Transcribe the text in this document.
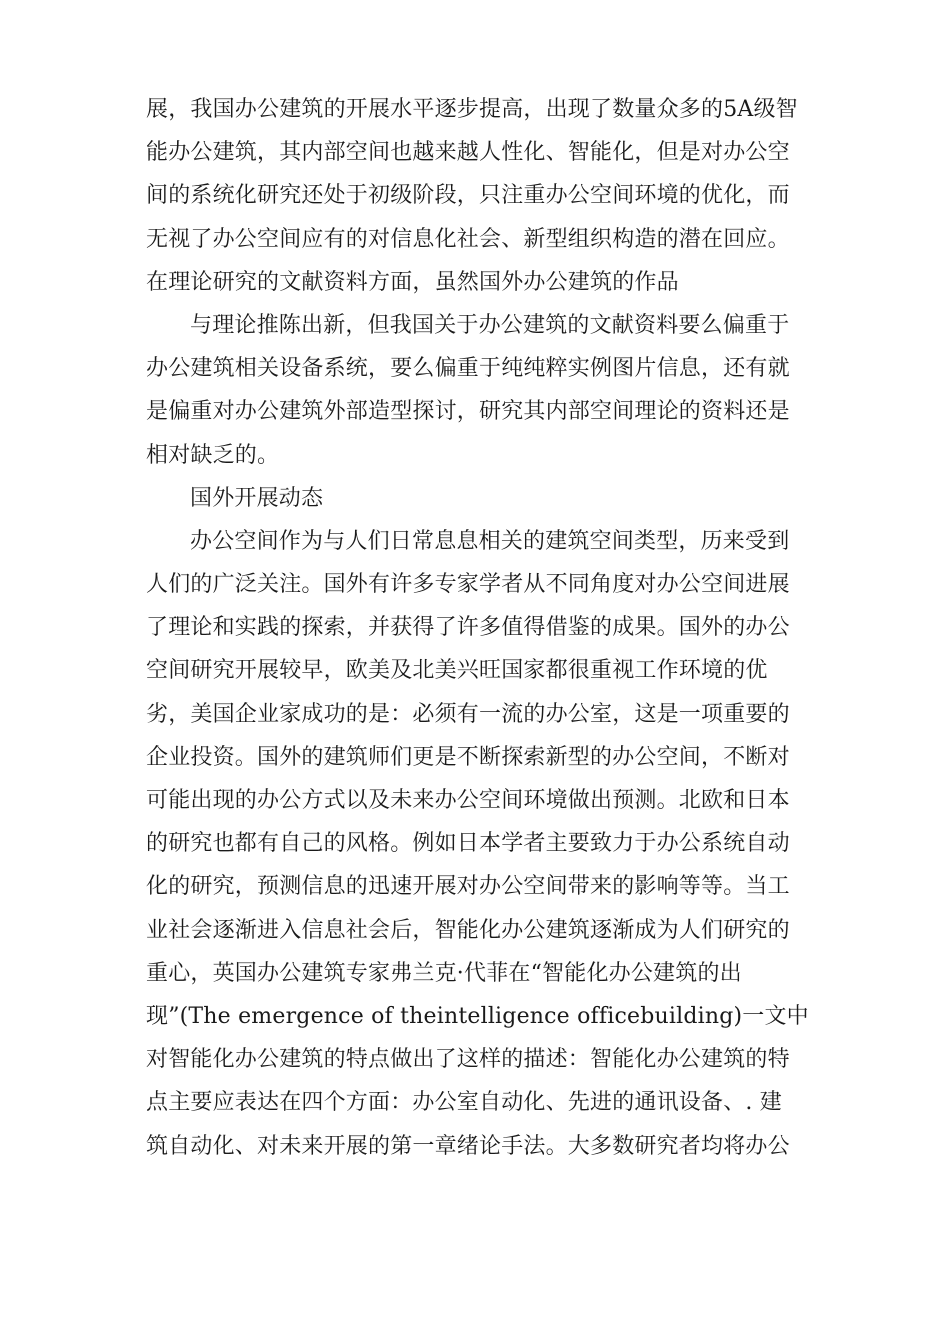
展，我国办公建筑的开展水平逐步提高，出现了数量众多的5A级智
能办公建筑，其内部空间也越来越人性化、智能化，但是对办公空
间的系统化研究还处于初级阶段，只注重办公空间环境的优化，而
无视了办公空间应有的对信息化社会、新型组织构造的潜在回应。
在理论研究的文献资料方面，虽然国外办公建筑的作品
与理论推陈出新，但我国关于办公建筑的文献资料要么偏重于
办公建筑相关设备系统，要么偏重于纯纯粹实例图片信息，还有就
是偏重对办公建筑外部造型探讨，研究其内部空间理论的资料还是
相对缺乏的。
国外开展动态
办公空间作为与人们日常息息相关的建筑空间类型，历来受到
人们的广泛关注。国外有许多专家学者从不同角度对办公空间进展
了理论和实践的探索，并获得了许多值得借鉴的成果。国外的办公
空间研究开展较早，欧美及北美兴旺国家都很重视工作环境的优
劣，美国企业家成功的是：必须有一流的办公室，这是一项重要的
企业投资。国外的建筑师们更是不断探索新型的办公空间，不断对
可能出现的办公方式以及未来办公空间环境做出预测。北欧和日本
的研究也都有自己的风格。例如日本学者主要致力于办公系统自动
化的研究，预测信息的迅速开展对办公空间带来的影响等等。当工
业社会逐渐进入信息社会后，智能化办公建筑逐渐成为人们研究的
重心，英国办公建筑专家弗兰克·代菲在“智能化办公建筑的出
现”(The emergence of theintelligence officebuilding)一文中
对智能化办公建筑的特点做出了这样的描述：智能化办公建筑的特
点主要应表达在四个方面：办公室自动化、先进的通讯设备、. 建
筑自动化、对未来开展的第一章绪论手法。大多数研究者均将办公
